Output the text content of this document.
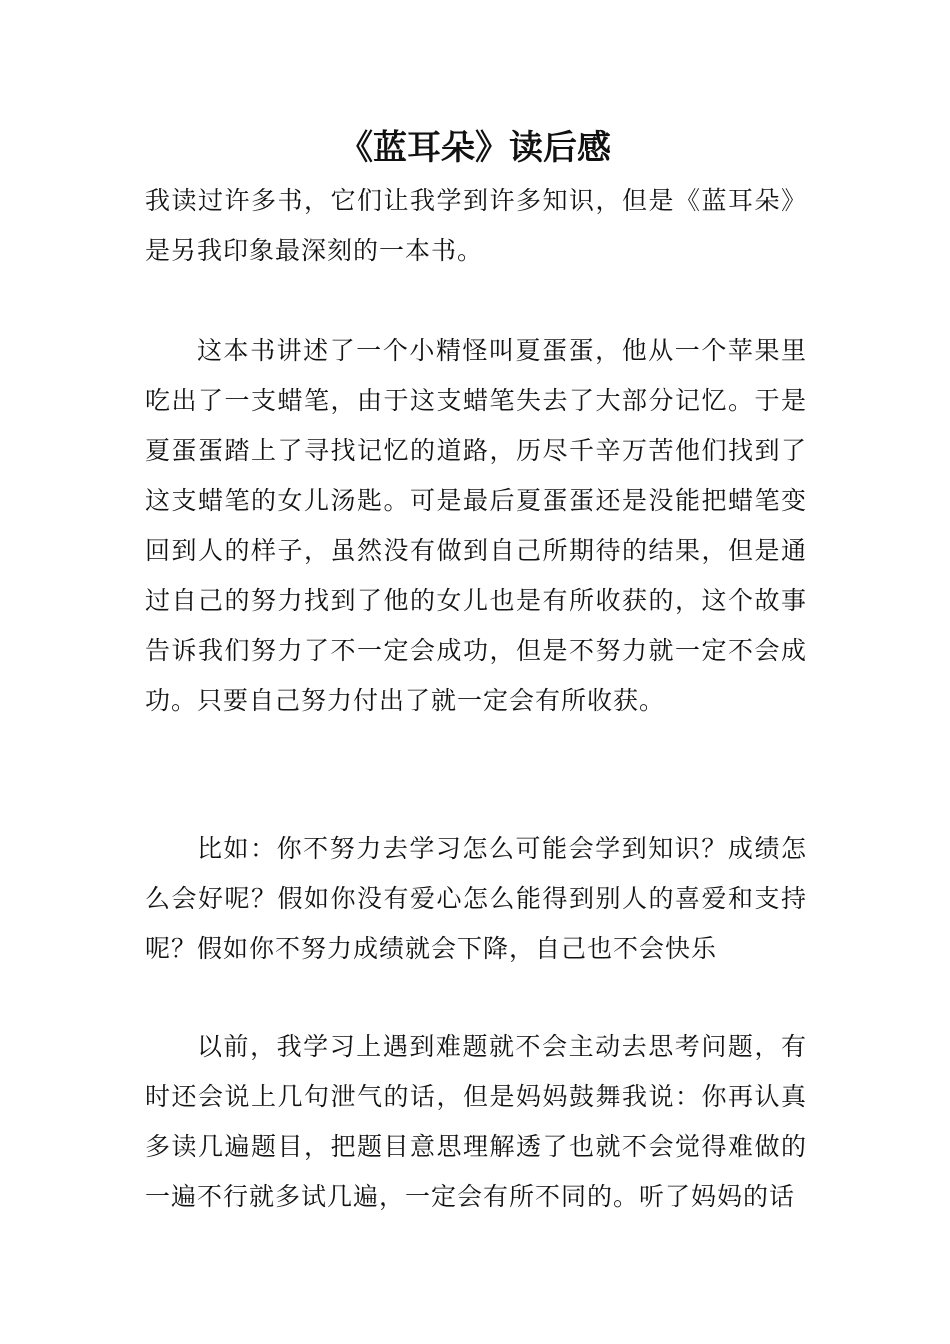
《蓝耳朵》读后感

我读过许多书，它们让我学到许多知识，但是《蓝耳朵》是另我印象最深刻的一本书。

这本书讲述了一个小精怪叫夏蛋蛋，他从一个苹果里吃出了一支蜡笔，由于这支蜡笔失去了大部分记忆。于是夏蛋蛋踏上了寻找记忆的道路，历尽千辛万苦他们找到了这支蜡笔的女儿汤匙。可是最后夏蛋蛋还是没能把蜡笔变回到人的样子，虽然没有做到自己所期待的结果，但是通过自己的努力找到了他的女儿也是有所收获的，这个故事告诉我们努力了不一定会成功，但是不努力就一定不会成功。只要自己努力付出了就一定会有所收获。

比如：你不努力去学习怎么可能会学到知识？成绩怎么会好呢？假如你没有爱心怎么能得到别人的喜爱和支持呢？假如你不努力成绩就会下降，自己也不会快乐

以前，我学习上遇到难题就不会主动去思考问题，有时还会说上几句泄气的话，但是妈妈鼓舞我说：你再认真多读几遍题目，把题目意思理解透了也就不会觉得难做的一遍不行就多试几遍，一定会有所不同的。听了妈妈的话
